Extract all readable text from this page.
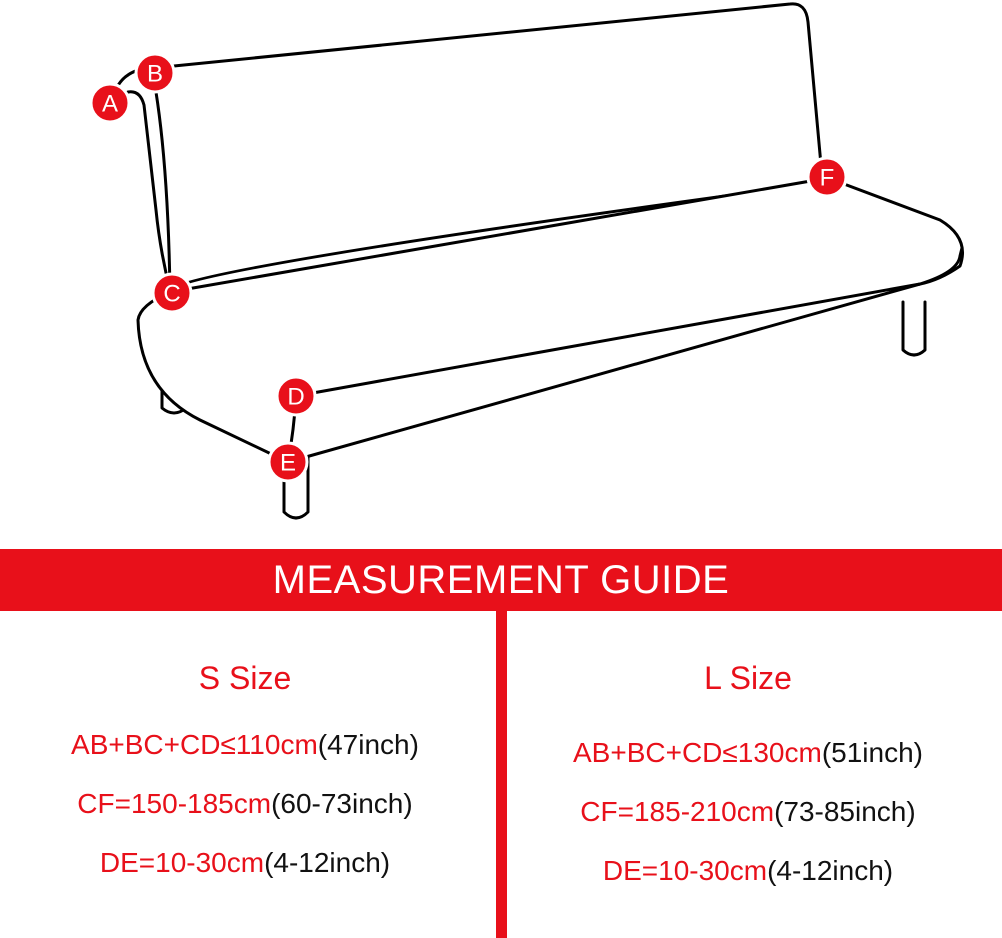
A
B
C
D
E
F
MEASUREMENT GUIDE
S Size
AB+BC+CD≤110cm(47inch)
CF=150-185cm(60-73inch)
DE=10-30cm(4-12inch)
L Size
AB+BC+CD≤130cm(51inch)
CF=185-210cm(73-85inch)
DE=10-30cm(4-12inch)
